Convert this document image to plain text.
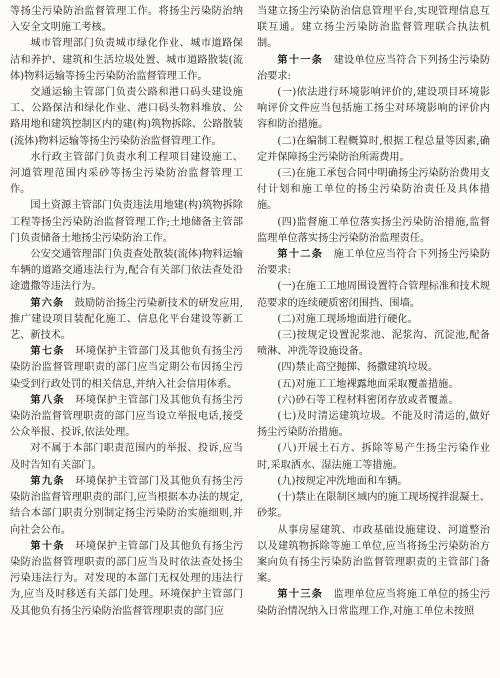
等扬尘污染防治监督管理工作。将扬尘污染防治纳入安全文明施工考核。

城市管理部门负责城市绿化作业、城市道路保洁和养护、建筑和生活垃圾处置、城市道路散装(流体)物料运输等扬尘污染防治监督管理工作。

交通运输主管部门负责公路和港口码头建设施工、公路保洁和绿化作业、港口码头物料堆放、公路用地和建筑控制区内的建(构)筑物拆除、公路散装(流体)物料运输等扬尘污染防治监督管理工作。

水行政主管部门负责水利工程项目建设施工、河道管理范围内采砂等扬尘污染防治监督管理工作。

国土资源主管部门负责违法用地建(构)筑物拆除工程等扬尘污染防治监督管理工作;土地储备主管部门负责储备土地扬尘污染防治工作。

公安交通管理部门负责查处散装(流体)物料运输车辆的道路交通违法行为,配合有关部门依法查处沿途遗撒等违法行为。

第六条  鼓励防治扬尘污染新技术的研发应用,推广建设项目装配化施工、信息化平台建设等新工艺、新技术。

第七条  环境保护主管部门及其他负有扬尘污染防治监督管理职责的部门应当定期公布因扬尘污染受到行政处罚的相关信息,并纳入社会信用体系。

第八条  环境保护主管部门及其他负有扬尘污染防治监督管理职责的部门应当设立举报电话,接受公众举报、投诉,依法处理。

对不属于本部门职责范围内的举报、投诉,应当及时告知有关部门。

第九条  环境保护主管部门及其他负有扬尘污染防治监督管理职责的部门,应当根据本办法的规定,结合本部门职责分别制定扬尘污染防治实施细则,并向社会公布。

第十条  环境保护主管部门及其他负有扬尘污染防治监督管理职责的部门应当及时依法查处扬尘污染违法行为。对发现的本部门无权处理的违法行为,应当及时移送有关部门处理。环境保护主管部门及其他负有扬尘污染防治监督管理职责的部门应

当建立扬尘污染防治信息管理平台,实现管理信息互联互通。建立扬尘污染防治监督管理联合执法机制。

第十一条  建设单位应当符合下列扬尘污染防治要求:

(一)依法进行环境影响评价的,建设项目环境影响评价文件应当包括施工扬尘对环境影响的评价内容和防治措施。

(二)在编制工程概算时,根据工程总量等因素,确定并保障扬尘污染防治所需费用。

(三)在施工承包合同中明确扬尘污染防治费用支付计划和施工单位的扬尘污染防治责任及具体措施。

(四)监督施工单位落实扬尘污染防治措施,监督监理单位落实扬尘污染防治监理责任。

第十二条  施工单位应当符合下列扬尘污染防治要求:

(一)在施工工地周围设置符合管理标准和技术规范要求的连续硬质密闭围挡、围墙。

(二)对施工现场地面进行硬化。

(三)按规定设置泥浆池、泥浆沟、沉淀池,配备喷淋、冲洗等设施设备。

(四)禁止高空抛掷、扬撒建筑垃圾。

(五)对施工工地裸露地面采取覆盖措施。

(六)砂石等工程材料密闭存放或者覆盖。

(七)及时清运建筑垃圾。不能及时清运的,做好扬尘污染防治措施。

(八)开展土石方、拆除等易产生扬尘污染作业时,采取洒水、湿法施工等措施。

(九)按规定冲洗地面和车辆。

(十)禁止在限制区域内的施工现场搅拌混凝土、砂浆。

从事房屋建筑、市政基础设施建设、河道整治以及建筑物拆除等施工单位,应当将扬尘污染防治方案向负有扬尘污染防治监督管理职责的主管部门备案。

第十三条  监理单位应当将施工单位的扬尘污染防治情况纳入日常监理工作,对施工单位未按照
